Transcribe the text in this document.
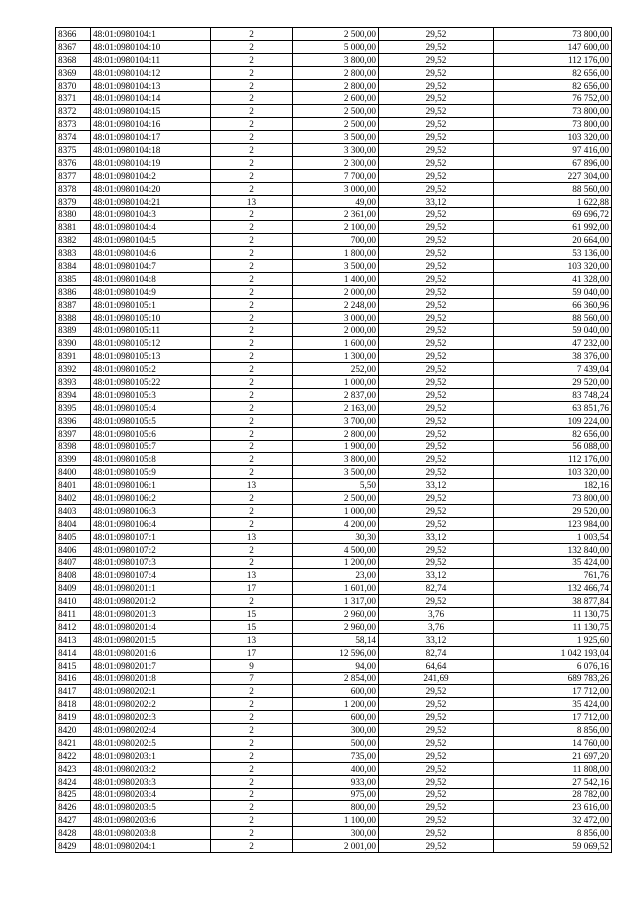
8366	48:01:0980104:1	2	2 500,00	29,52	73 800,00
8367	48:01:0980104:10	2	5 000,00	29,52	147 600,00
8368	48:01:0980104:11	2	3 800,00	29,52	112 176,00
8369	48:01:0980104:12	2	2 800,00	29,52	82 656,00
8370	48:01:0980104:13	2	2 800,00	29,52	82 656,00
8371	48:01:0980104:14	2	2 600,00	29,52	76 752,00
8372	48:01:0980104:15	2	2 500,00	29,52	73 800,00
8373	48:01:0980104:16	2	2 500,00	29,52	73 800,00
8374	48:01:0980104:17	2	3 500,00	29,52	103 320,00
8375	48:01:0980104:18	2	3 300,00	29,52	97 416,00
8376	48:01:0980104:19	2	2 300,00	29,52	67 896,00
8377	48:01:0980104:2	2	7 700,00	29,52	227 304,00
8378	48:01:0980104:20	2	3 000,00	29,52	88 560,00
8379	48:01:0980104:21	13	49,00	33,12	1 622,88
8380	48:01:0980104:3	2	2 361,00	29,52	69 696,72
8381	48:01:0980104:4	2	2 100,00	29,52	61 992,00
8382	48:01:0980104:5	2	700,00	29,52	20 664,00
8383	48:01:0980104:6	2	1 800,00	29,52	53 136,00
8384	48:01:0980104:7	2	3 500,00	29,52	103 320,00
8385	48:01:0980104:8	2	1 400,00	29,52	41 328,00
8386	48:01:0980104:9	2	2 000,00	29,52	59 040,00
8387	48:01:0980105:1	2	2 248,00	29,52	66 360,96
8388	48:01:0980105:10	2	3 000,00	29,52	88 560,00
8389	48:01:0980105:11	2	2 000,00	29,52	59 040,00
8390	48:01:0980105:12	2	1 600,00	29,52	47 232,00
8391	48:01:0980105:13	2	1 300,00	29,52	38 376,00
8392	48:01:0980105:2	2	252,00	29,52	7 439,04
8393	48:01:0980105:22	2	1 000,00	29,52	29 520,00
8394	48:01:0980105:3	2	2 837,00	29,52	83 748,24
8395	48:01:0980105:4	2	2 163,00	29,52	63 851,76
8396	48:01:0980105:5	2	3 700,00	29,52	109 224,00
8397	48:01:0980105:6	2	2 800,00	29,52	82 656,00
8398	48:01:0980105:7	2	1 900,00	29,52	56 088,00
8399	48:01:0980105:8	2	3 800,00	29,52	112 176,00
8400	48:01:0980105:9	2	3 500,00	29,52	103 320,00
8401	48:01:0980106:1	13	5,50	33,12	182,16
8402	48:01:0980106:2	2	2 500,00	29,52	73 800,00
8403	48:01:0980106:3	2	1 000,00	29,52	29 520,00
8404	48:01:0980106:4	2	4 200,00	29,52	123 984,00
8405	48:01:0980107:1	13	30,30	33,12	1 003,54
8406	48:01:0980107:2	2	4 500,00	29,52	132 840,00
8407	48:01:0980107:3	2	1 200,00	29,52	35 424,00
8408	48:01:0980107:4	13	23,00	33,12	761,76
8409	48:01:0980201:1	17	1 601,00	82,74	132 466,74
8410	48:01:0980201:2	2	1 317,00	29,52	38 877,84
8411	48:01:0980201:3	15	2 960,00	3,76	11 130,75
8412	48:01:0980201:4	15	2 960,00	3,76	11 130,75
8413	48:01:0980201:5	13	58,14	33,12	1 925,60
8414	48:01:0980201:6	17	12 596,00	82,74	1 042 193,04
8415	48:01:0980201:7	9	94,00	64,64	6 076,16
8416	48:01:0980201:8	7	2 854,00	241,69	689 783,26
8417	48:01:0980202:1	2	600,00	29,52	17 712,00
8418	48:01:0980202:2	2	1 200,00	29,52	35 424,00
8419	48:01:0980202:3	2	600,00	29,52	17 712,00
8420	48:01:0980202:4	2	300,00	29,52	8 856,00
8421	48:01:0980202:5	2	500,00	29,52	14 760,00
8422	48:01:0980203:1	2	735,00	29,52	21 697,20
8423	48:01:0980203:2	2	400,00	29,52	11 808,00
8424	48:01:0980203:3	2	933,00	29,52	27 542,16
8425	48:01:0980203:4	2	975,00	29,52	28 782,00
8426	48:01:0980203:5	2	800,00	29,52	23 616,00
8427	48:01:0980203:6	2	1 100,00	29,52	32 472,00
8428	48:01:0980203:8	2	300,00	29,52	8 856,00
8429	48:01:0980204:1	2	2 001,00	29,52	59 069,52
